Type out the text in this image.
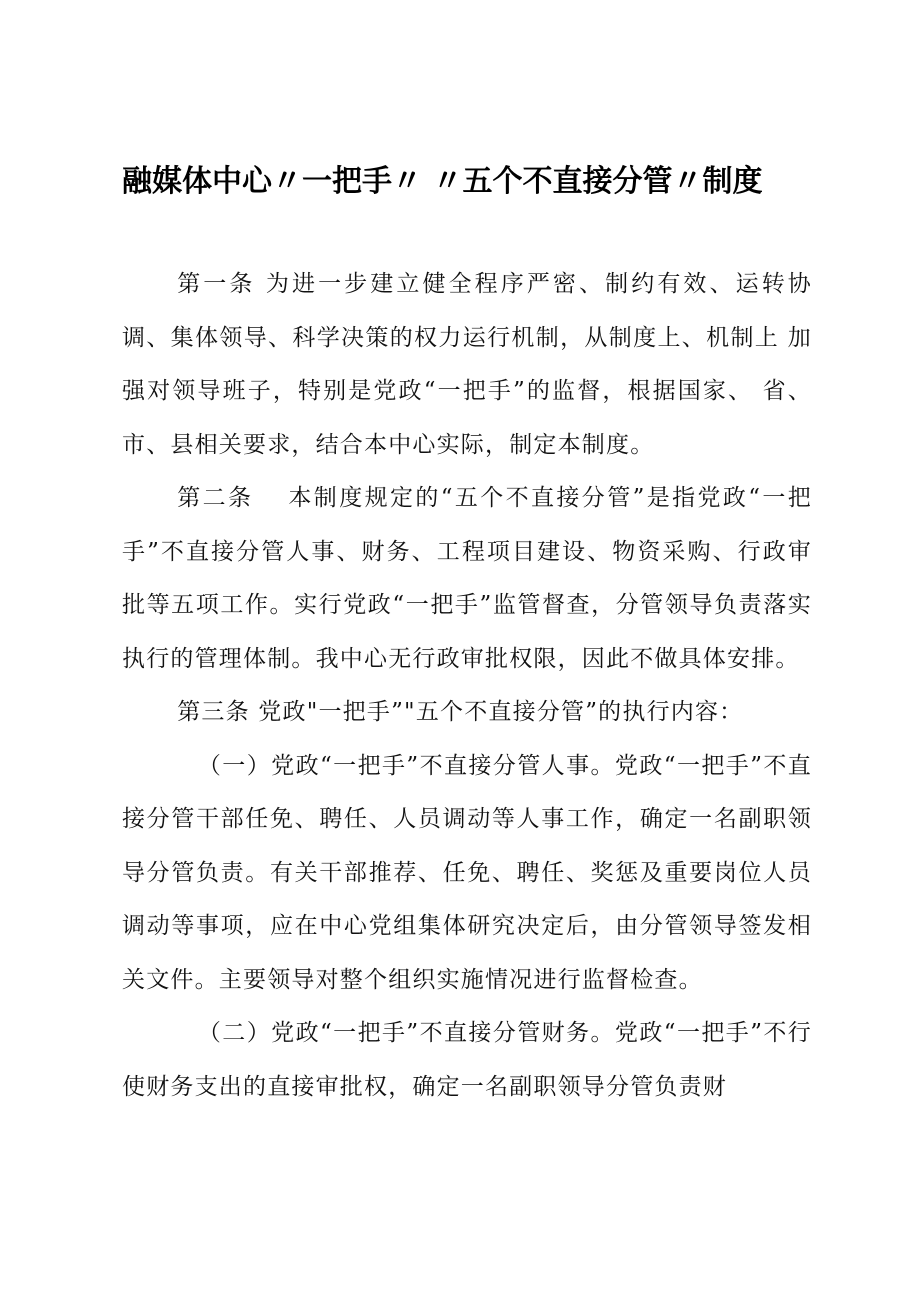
融媒体中心〃一把手〃 〃五个不直接分管〃制度

第一条 为进一步建立健全程序严密、制约有效、运转协 调、集体领导、科学决策的权力运行机制，从制度上、机制上 加强对领导班子，特别是党政“一把手”的监督，根据国家、 省、市、县相关要求，结合本中心实际，制定本制度。

第二条　 本制度规定的“五个不直接分管”是指党政“一把手”不直接分管人事、财务、工程项目建设、物资采购、行政审批等五项工作。实行党政“一把手”监管督查，分管领导负责落实执行的管理体制。我中心无行政审批权限，因此不做具体安排。

第三条 党政"一把手”"五个不直接分管”的执行内容：

（一）党政“一把手”不直接分管人事。党政“一把手”不直接分管干部任免、聘任、人员调动等人事工作，确定一名副职领导分管负责。有关干部推荐、任免、聘任、奖惩及重要岗位人员调动等事项，应在中心党组集体研究决定后，由分管领导签发相关文件。主要领导对整个组织实施情况进行监督检查。

（二）党政“一把手”不直接分管财务。党政“一把手”不行使财务支出的直接审批权，确定一名副职领导分管负责财
